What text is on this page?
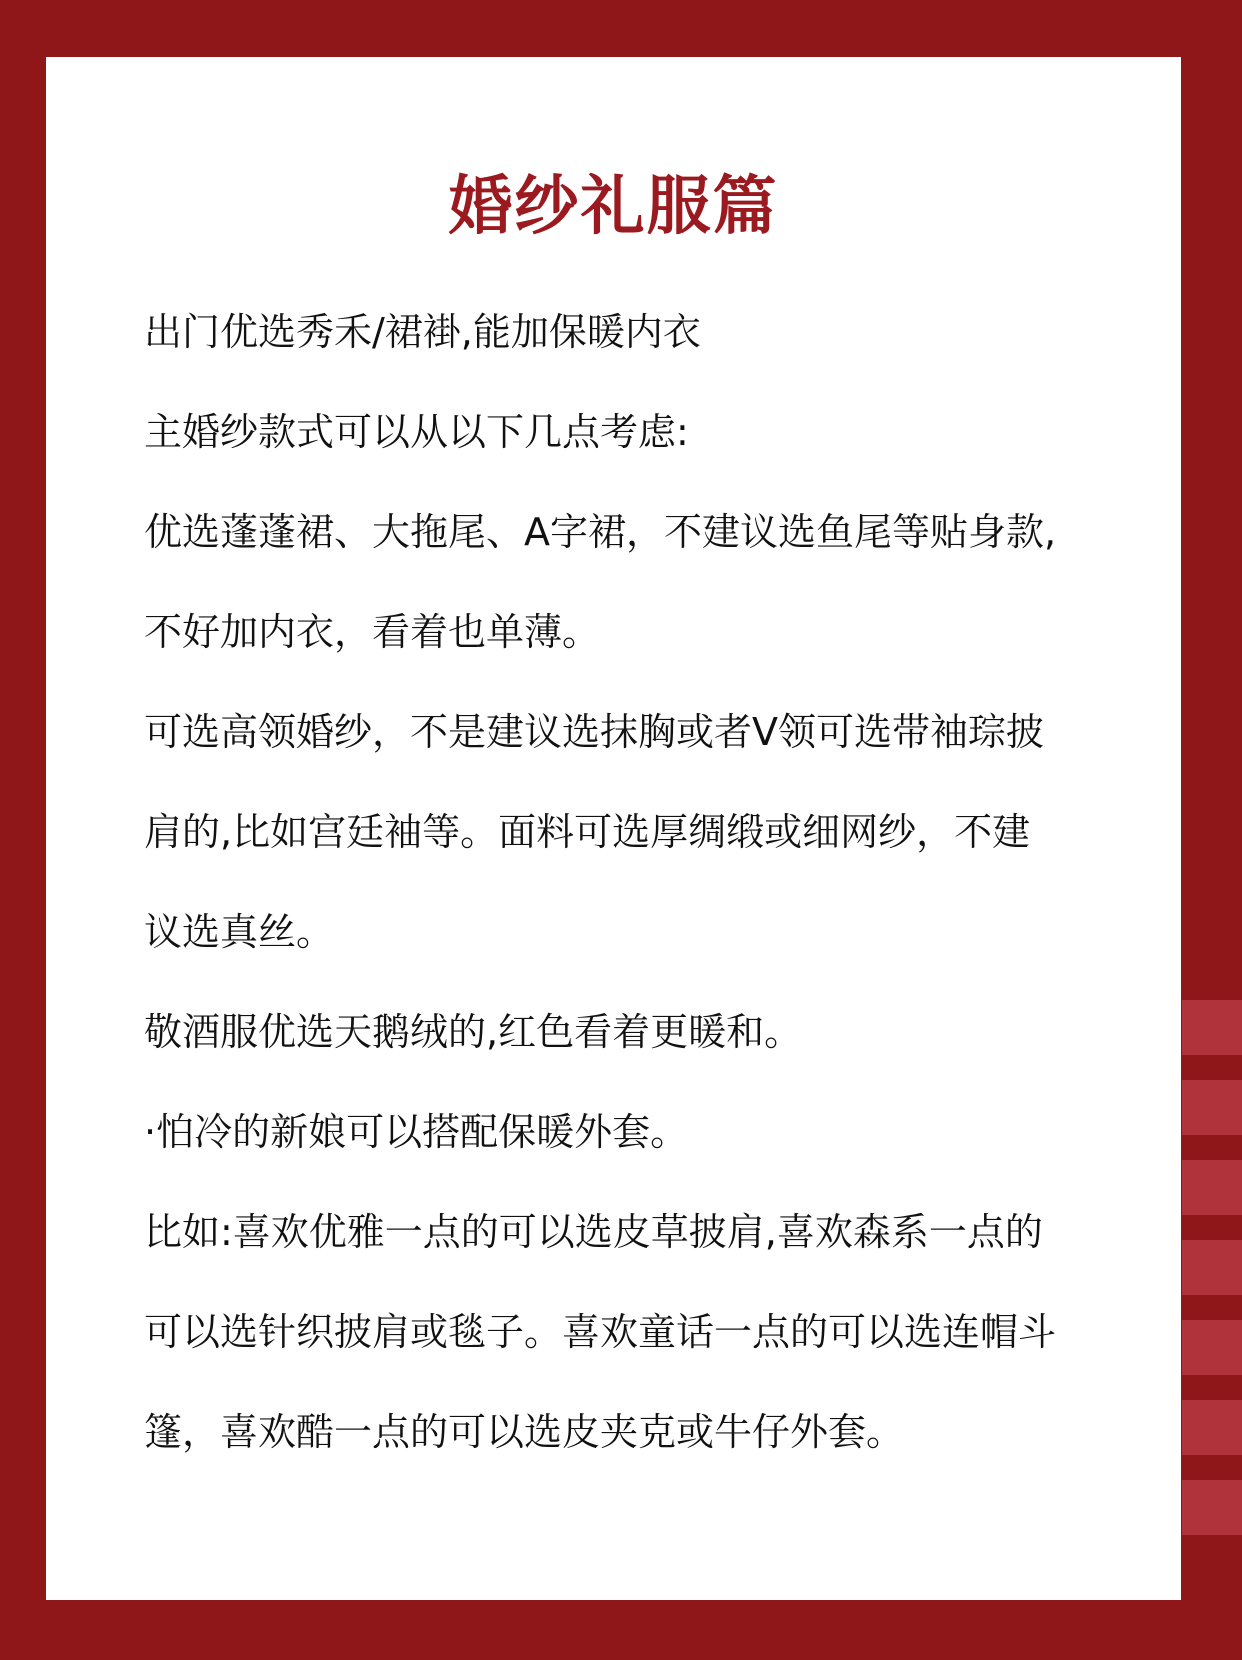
婚纱礼服篇
出门优选秀禾/裙褂,能加保暖内衣
主婚纱款式可以从以下几点考虑:
优选蓬蓬裙、大拖尾、A字裙，不建议选鱼尾等贴身款,
不好加内衣，看着也单薄。
可选高领婚纱，不是建议选抹胸或者V领可选带袖琮披
肩的,比如宫廷袖等。面料可选厚绸缎或细网纱，不建
议选真丝。
敬酒服优选天鹅绒的,红色看着更暖和。
·怕冷的新娘可以搭配保暖外套。
比如:喜欢优雅一点的可以选皮草披肩,喜欢森系一点的
可以选针织披肩或毯子。喜欢童话一点的可以选连帽斗
篷，喜欢酷一点的可以选皮夹克或牛仔外套。
